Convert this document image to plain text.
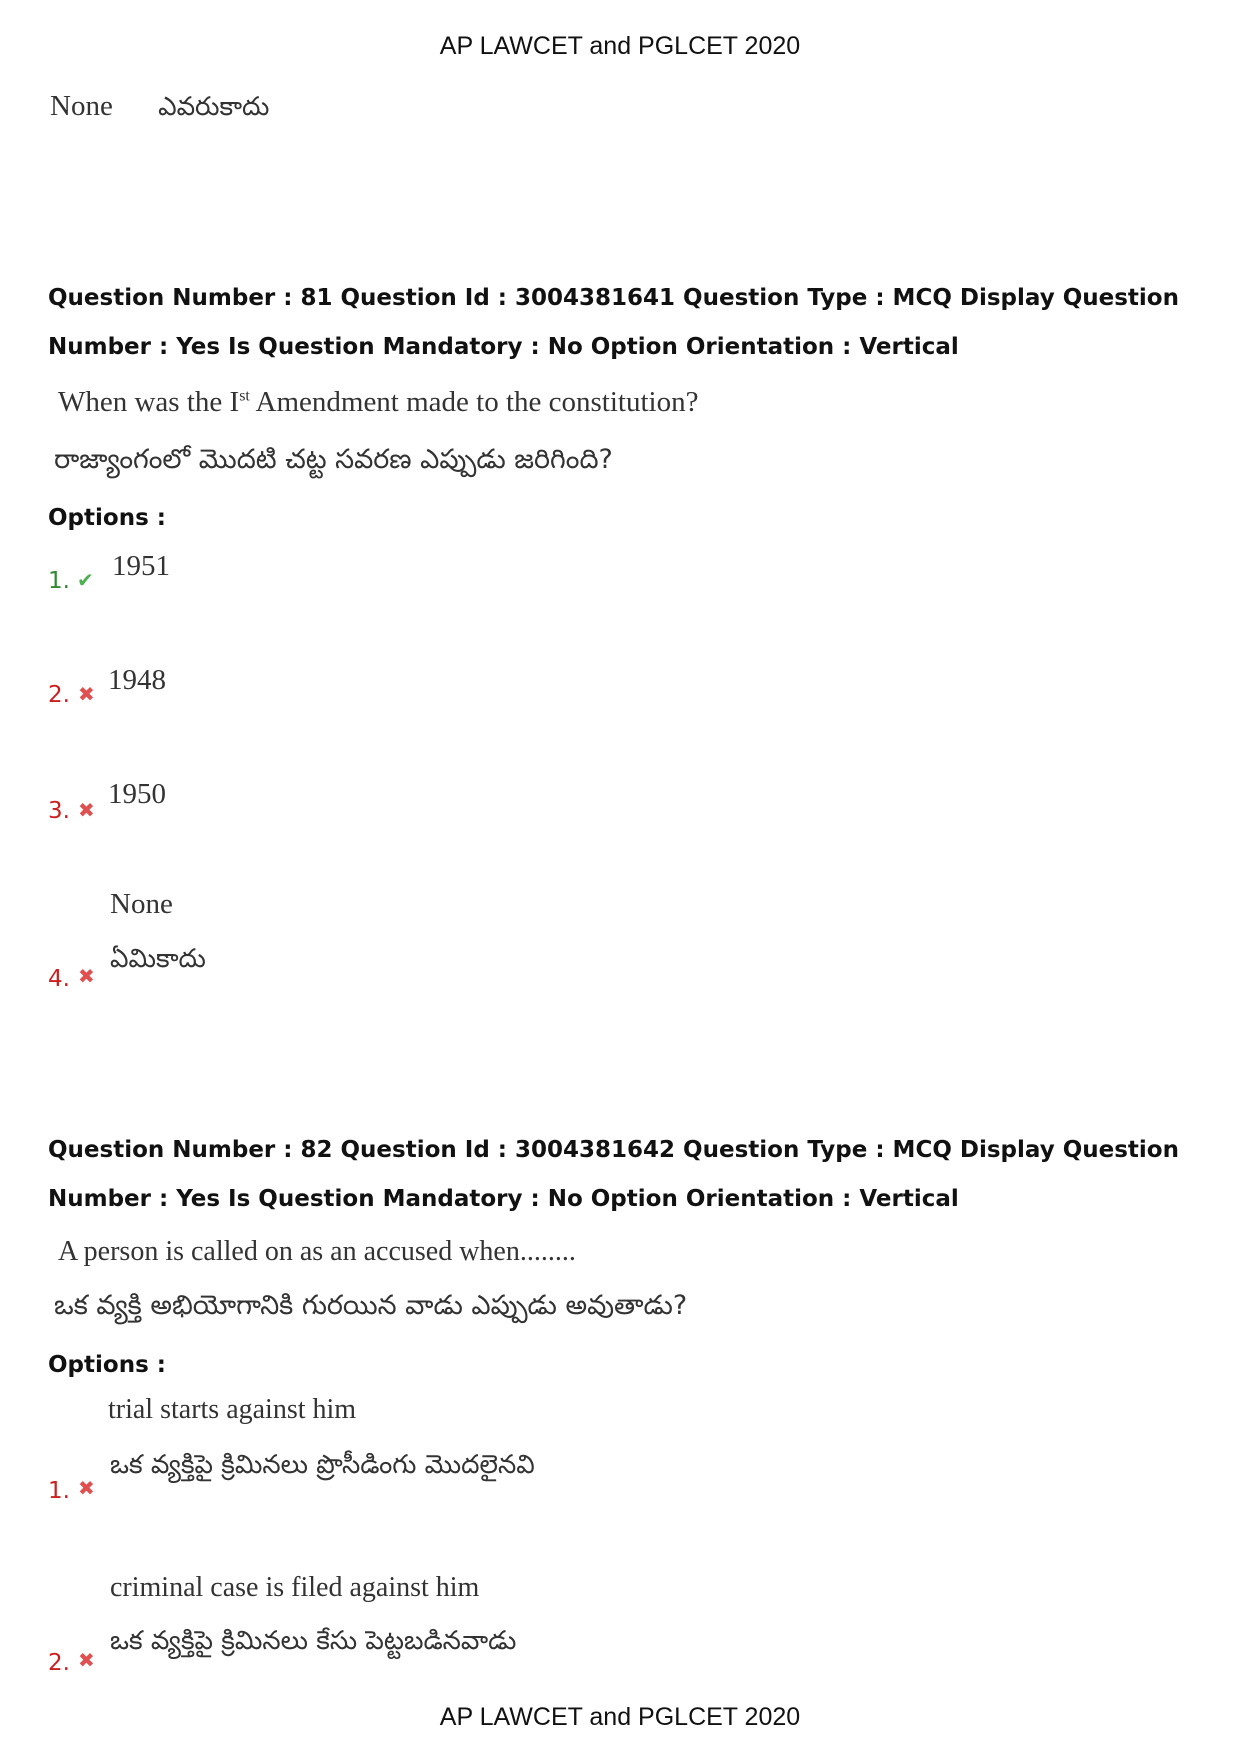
AP LAWCET and PGLCET 2020
None ఎవరుకాదు
Question Number : 81 Question Id : 3004381641 Question Type : MCQ Display Question
Number : Yes Is Question Mandatory : No Option Orientation : Vertical
When was the Ist Amendment made to the constitution?
రాజ్యాంగంలో మొదటి చట్ట సవరణ ఎప్పుడు జరిగింది?
Options :
1. ✔ 1951
2. ✖ 1948
3. ✖ 1950
None
4. ✖
ఏమికాదు
Question Number : 82 Question Id : 3004381642 Question Type : MCQ Display Question
Number : Yes Is Question Mandatory : No Option Orientation : Vertical
A person is called on as an accused when........
ఒక వ్యక్తి అభియోగానికి గురయిన వాడు ఎప్పుడు అవుతాడు?
Options :
trial starts against him
1. ✖
ఒక వ్యక్తిపై క్రిమినలు ప్రొసీడింగు మొదలైనవి
criminal case is filed against him
2. ✖
ఒక వ్యక్తిపై క్రిమినలు కేసు పెట్టబడినవాడు
AP LAWCET and PGLCET 2020
